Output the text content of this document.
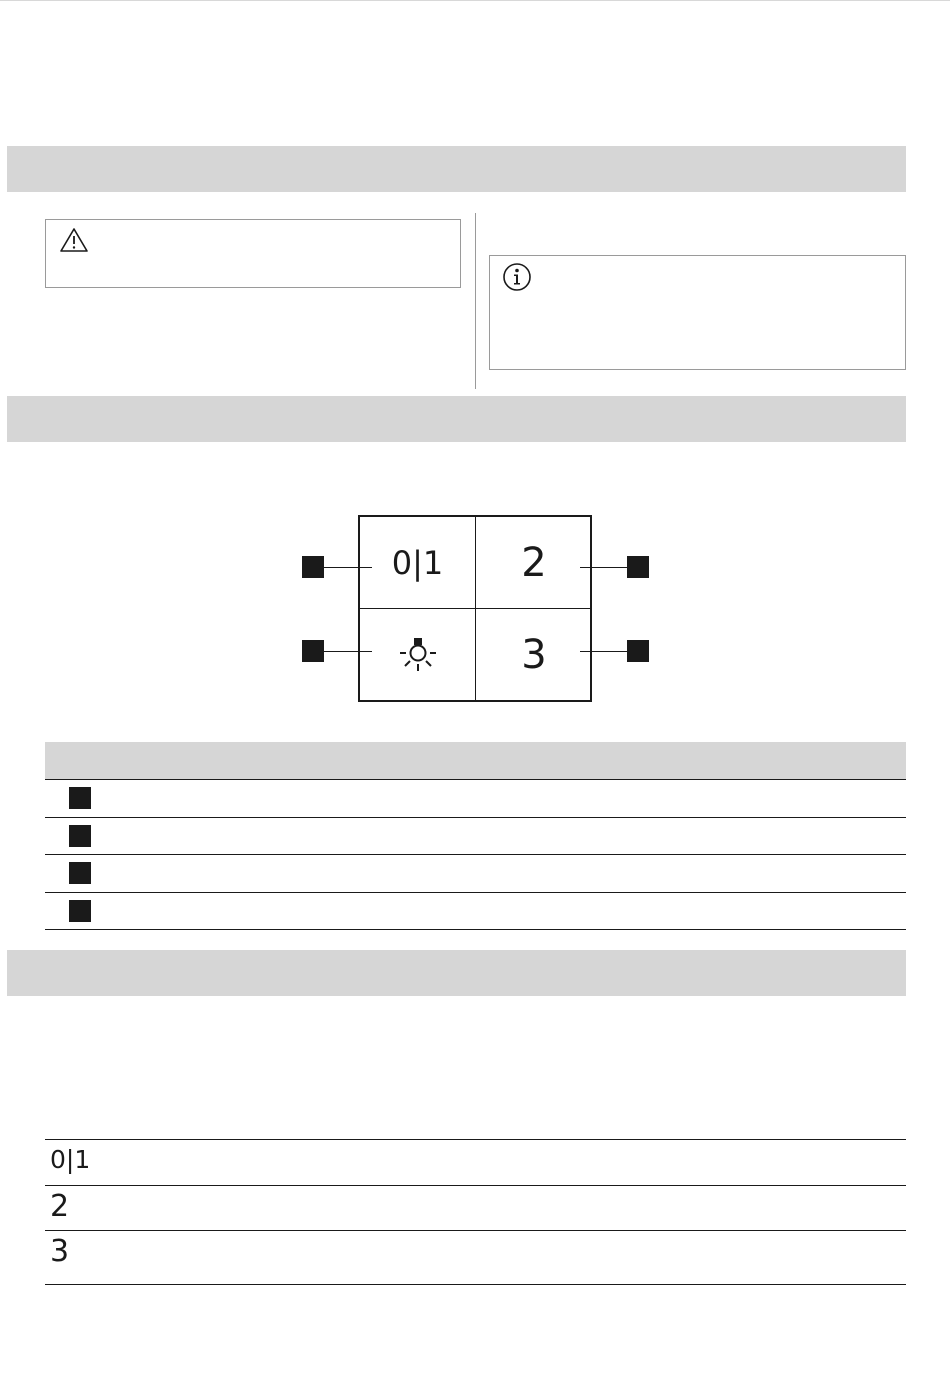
0|1 2
3
0|1
2
3
